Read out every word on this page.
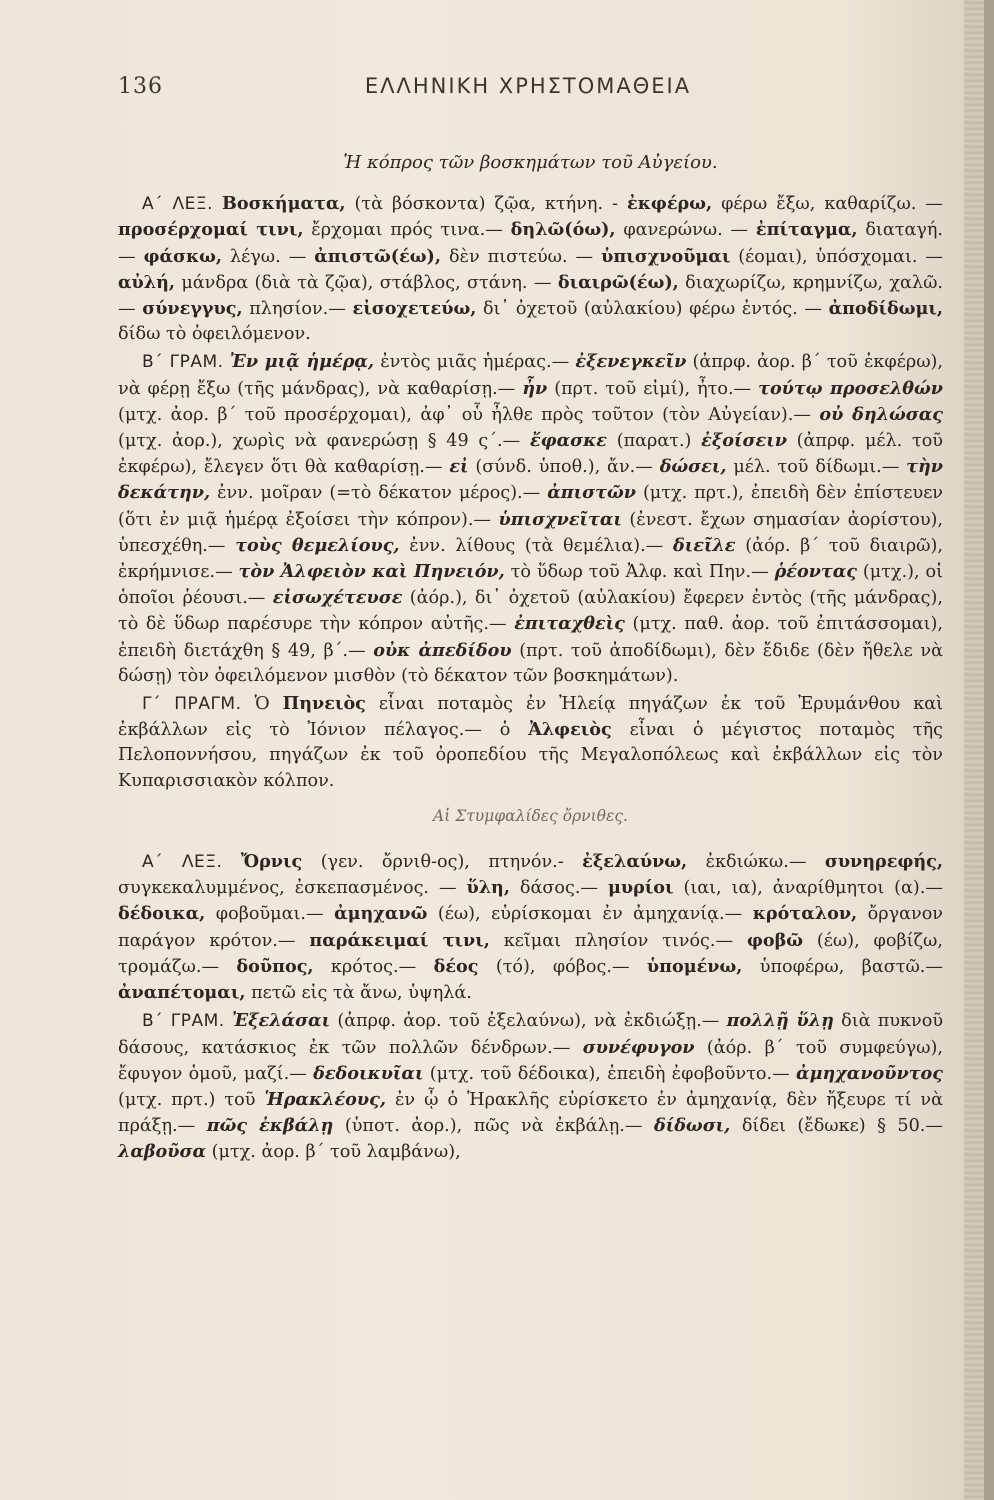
136	ΕΛΛΗΝΙΚΗ ΧΡΗΣΤΟΜΑΘΕΙΑ
Ἡ κόπρος τῶν βοσκημάτων τοῦ Αὐγείου.

Α΄ ΛΕΞ. Βοσκήματα, (τὰ βόσκοντα) ζῷα, κτήνη. - ἐκφέρω, φέρω ἔξω, καθαρίζω. — προσέρχομαί τινι, ἔρχομαι πρός τινα.— δηλῶ(όω), φανερώνω. — ἐπίταγμα, διαταγή. — φάσκω, λέγω. — ἀπιστῶ(έω), δὲν πιστεύω. — ὑπισχνοῦμαι (έομαι), ὑπόσχομαι. — αὐλή, μάνδρα (διὰ τὰ ζῷα), στάβλος, στάνη. — διαιρῶ(έω), διαχωρίζω, κρημνίζω, χαλῶ. — σύνεγγυς, πλησίον.— εἰσοχετεύω, δι᾽ ὀχετοῦ (αὐλακίου) φέρω ἐντός. — ἀποδίδωμι, δίδω τὸ ὀφειλόμενον.

Β΄ ΓΡΑΜ. Ἐν μιᾷ ἡμέρᾳ, ἐντὸς μιᾶς ἡμέρας.— ἐξενεγκεῖν (ἀπρφ. ἀορ. β΄ τοῦ ἐκφέρω), νὰ φέρῃ ἔξω (τῆς μάνδρας), νὰ καθαρίσῃ.— ἦν (πρτ. τοῦ εἰμί), ἦτο.— τούτῳ προσελθών (μτχ. ἀορ. β΄ τοῦ προσέρχομαι), ἀφ᾽ οὗ ἦλθε πρὸς τοῦτον (τὸν Αὐγείαν).— οὐ δηλώσας (μτχ. ἀορ.), χωρὶς νὰ φανερώσῃ § 49 ς΄.— ἔφασκε (παρατ.) ἐξοίσειν (ἀπρφ. μέλ. τοῦ ἐκφέρω), ἔλεγεν ὅτι θὰ καθαρίσῃ.— εἰ (σύνδ. ὑποθ.), ἄν.— δώσει, μέλ. τοῦ δίδωμι.— τὴν δεκάτην, ἐνν. μοῖραν (=τὸ δέκατον μέρος).— ἀπιστῶν (μτχ. πρτ.), ἐπειδὴ δὲν ἐπίστευεν (ὅτι ἐν μιᾷ ἡμέρᾳ ἐξοίσει τὴν κόπρον).— ὑπισχνεῖται (ἐνεστ. ἔχων σημασίαν ἀορίστου), ὑπεσχέθη.— τοὺς θεμελίους, ἐνν. λίθους (τὰ θεμέλια).— διεῖλε (ἀόρ. β΄ τοῦ διαιρῶ), ἐκρήμνισε.— τὸν Ἀλφειὸν καὶ Πηνειόν, τὸ ὕδωρ τοῦ Ἀλφ. καὶ Πην.— ῥέοντας (μτχ.), οἱ ὁποῖοι ῥέουσι.— εἰσωχέτευσε (ἀόρ.), δι᾽ ὀχετοῦ (αὐλακίου) ἔφερεν ἐντὸς (τῆς μάνδρας), τὸ δὲ ὕδωρ παρέσυρε τὴν κόπρον αὐτῆς.— ἐπιταχθεὶς (μτχ. παθ. ἀορ. τοῦ ἐπιτάσσομαι), ἐπειδὴ διετάχθη § 49, β΄.— οὐκ ἀπεδίδου (πρτ. τοῦ ἀποδίδωμι), δὲν ἔδιδε (δὲν ἤθελε νὰ δώσῃ) τὸν ὀφειλόμενον μισθὸν (τὸ δέκατον τῶν βοσκημάτων).

Γ΄ ΠΡΑΓΜ. Ὁ Πηνειὸς εἶναι ποταμὸς ἐν Ἠλείᾳ πηγάζων ἐκ τοῦ Ἐρυμάνθου καὶ ἐκβάλλων εἰς τὸ Ἰόνιον πέλαγος.— ὁ Ἀλφειὸς εἶναι ὁ μέγιστος ποταμὸς τῆς Πελοποννήσου, πηγάζων ἐκ τοῦ ὀροπεδίου τῆς Μεγαλοπόλεως καὶ ἐκβάλλων εἰς τὸν Κυπαρισσιακὸν κόλπον.

Αἱ Στυμφαλίδες ὄρνιθες.

Α΄ ΛΕΞ. Ὄρνις (γεν. ὄρνιθ-ος), πτηνόν.- ἐξελαύνω, ἐκδιώκω.— συνηρεφής, συγκεκαλυμμένος, ἐσκεπασμένος. — ὕλη, δάσος.— μυρίοι (ιαι, ια), ἀναρίθμητοι (α).— δέδοικα, φοβοῦμαι.— ἀμηχανῶ (έω), εὑρίσκομαι ἐν ἀμηχανίᾳ.— κρόταλον, ὄργανον παράγον κρότον.— παράκειμαί τινι, κεῖμαι πλησίον τινός.— φοβῶ (έω), φοβίζω, τρομάζω.— δοῦπος, κρότος.— δέος (τό), φόβος.— ὑπομένω, ὑποφέρω, βαστῶ.— ἀναπέτομαι, πετῶ εἰς τὰ ἄνω, ὑψηλά.

Β΄ ΓΡΑΜ. Ἐξελάσαι (ἀπρφ. ἀορ. τοῦ ἐξελαύνω), νὰ ἐκδιώξῃ.— πολλῇ ὕλῃ διὰ πυκνοῦ δάσους, κατάσκιος ἐκ τῶν πολλῶν δένδρων.— συνέφυγον (ἀόρ. β΄ τοῦ συμφεύγω), ἔφυγον ὁμοῦ, μαζί.— δεδοικυῖαι (μτχ. τοῦ δέδοικα), ἐπειδὴ ἐφοβοῦντο.— ἀμηχανοῦντος (μτχ. πρτ.) τοῦ Ἡρακλέους, ἐν ᾧ ὁ Ἡρακλῆς εὑρίσκετο ἐν ἀμηχανίᾳ, δὲν ἤξευρε τί νὰ πράξῃ.— πῶς ἐκβάλῃ (ὑποτ. ἀορ.), πῶς νὰ ἐκβάλῃ.— δίδωσι, δίδει (ἔδωκε) § 50.— λαβοῦσα (μτχ. ἀορ. β΄ τοῦ λαμβάνω),
